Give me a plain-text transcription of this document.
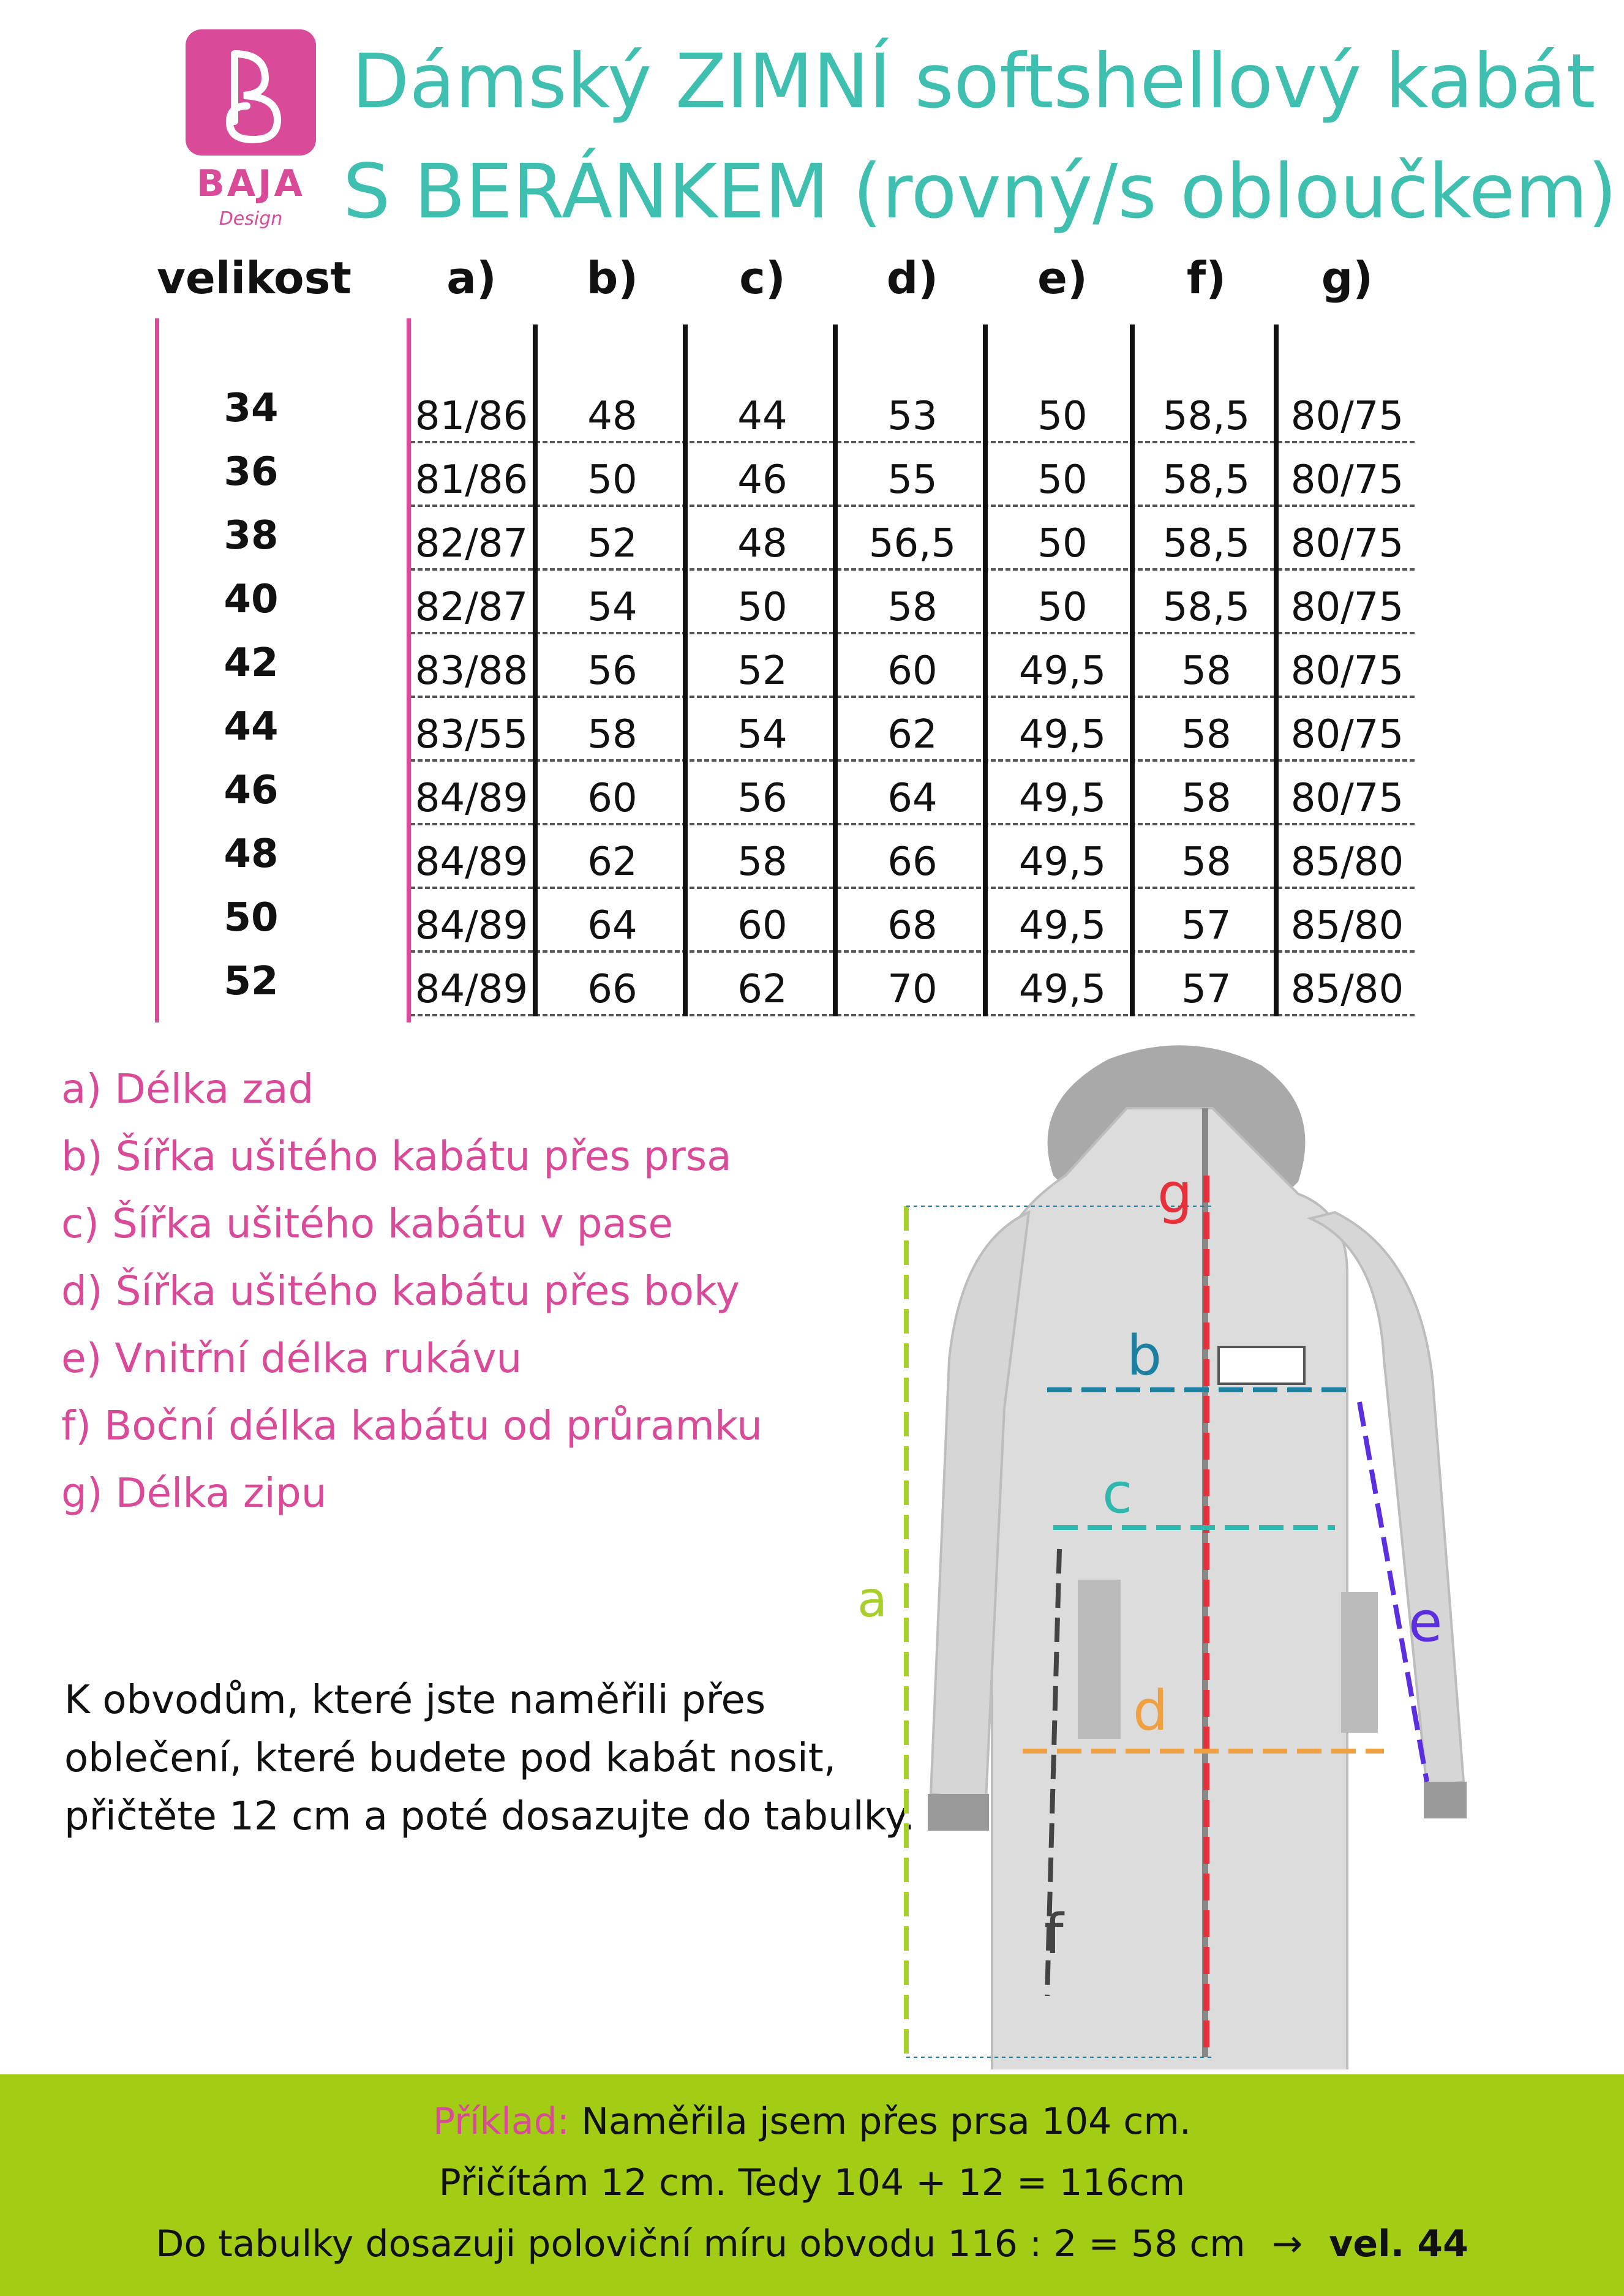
BAJA
Design
Dámský ZIMNÍ softshellový kabát
S BERÁNKEM (rovný/s obloučkem)
velikost	a)	b)	c)	d)	e)	f)	g)
34	81/86	48	44	53	50	58,5	80/75
36	81/86	50	46	55	50	58,5	80/75
38	82/87	52	48	56,5	50	58,5	80/75
40	82/87	54	50	58	50	58,5	80/75
42	83/88	56	52	60	49,5	58	80/75
44	83/55	58	54	62	49,5	58	80/75
46	84/89	60	56	64	49,5	58	80/75
48	84/89	62	58	66	49,5	58	85/80
50	84/89	64	60	68	49,5	57	85/80
52	84/89	66	62	70	49,5	57	85/80
a) Délka zad
b) Šířka ušitého kabátu přes prsa
c) Šířka ušitého kabátu v pase
d) Šířka ušitého kabátu přes boky
e) Vnitřní délka rukávu
f) Boční délka kabátu od průramku
g) Délka zipu
K obvodům, které jste naměřili přes
oblečení, které budete pod kabát nosit,
přičtěte 12 cm a poté dosazujte do tabulky.
a
g
b
c
d
e
f
Příklad: Naměřila jsem přes prsa 104 cm.
Přičítám 12 cm. Tedy 104 + 12 = 116cm
Do tabulky dosazuji poloviční míru obvodu 116 : 2 = 58 cm → vel. 44
